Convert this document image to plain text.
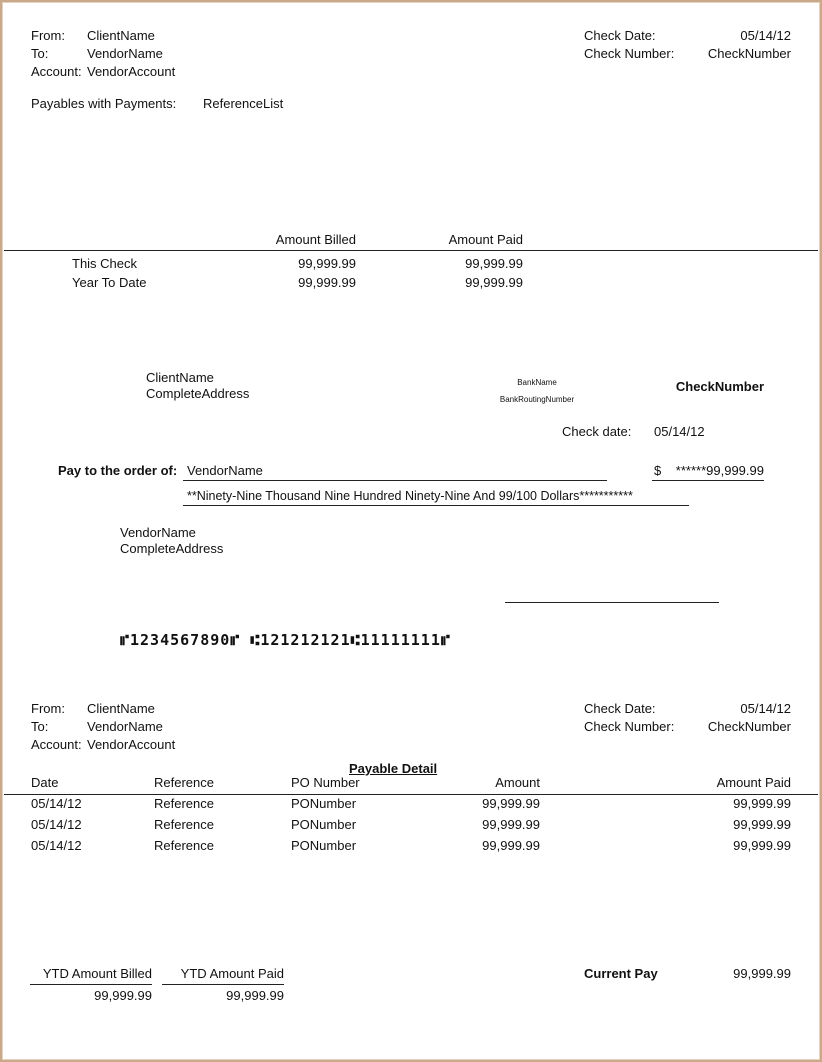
From: ClientName
To:	VendorName
Account: VendorAccount
Check Date:	05/14/12
Check Number:	CheckNumber
Payables with Payments: ReferenceList
Amount Billed	Amount Paid
This Check	99,999.99	99,999.99
Year To Date	99,999.99	99,999.99
ClientName
CompleteAddress
BankName
BankRoutingNumber
CheckNumber
Check date: 05/14/12
Pay to the order of: VendorName	$	******99,999.99
**Ninety-Nine Thousand Nine Hundred Ninety-Nine And 99/100 Dollars***********
VendorName
CompleteAddress
⑈1234567890⑈ ⑆121212121⑆11111111⑈
From: ClientName
To:	VendorName
Account: VendorAccount
Check Date:	05/14/12
Check Number:	CheckNumber
Payable Detail
Date	Reference	PO Number	Amount	Amount Paid
05/14/12	Reference	PONumber	99,999.99	99,999.99
05/14/12	Reference	PONumber	99,999.99	99,999.99
05/14/12	Reference	PONumber	99,999.99	99,999.99
YTD Amount Billed
99,999.99
YTD Amount Paid
99,999.99
Current Pay	99,999.99
